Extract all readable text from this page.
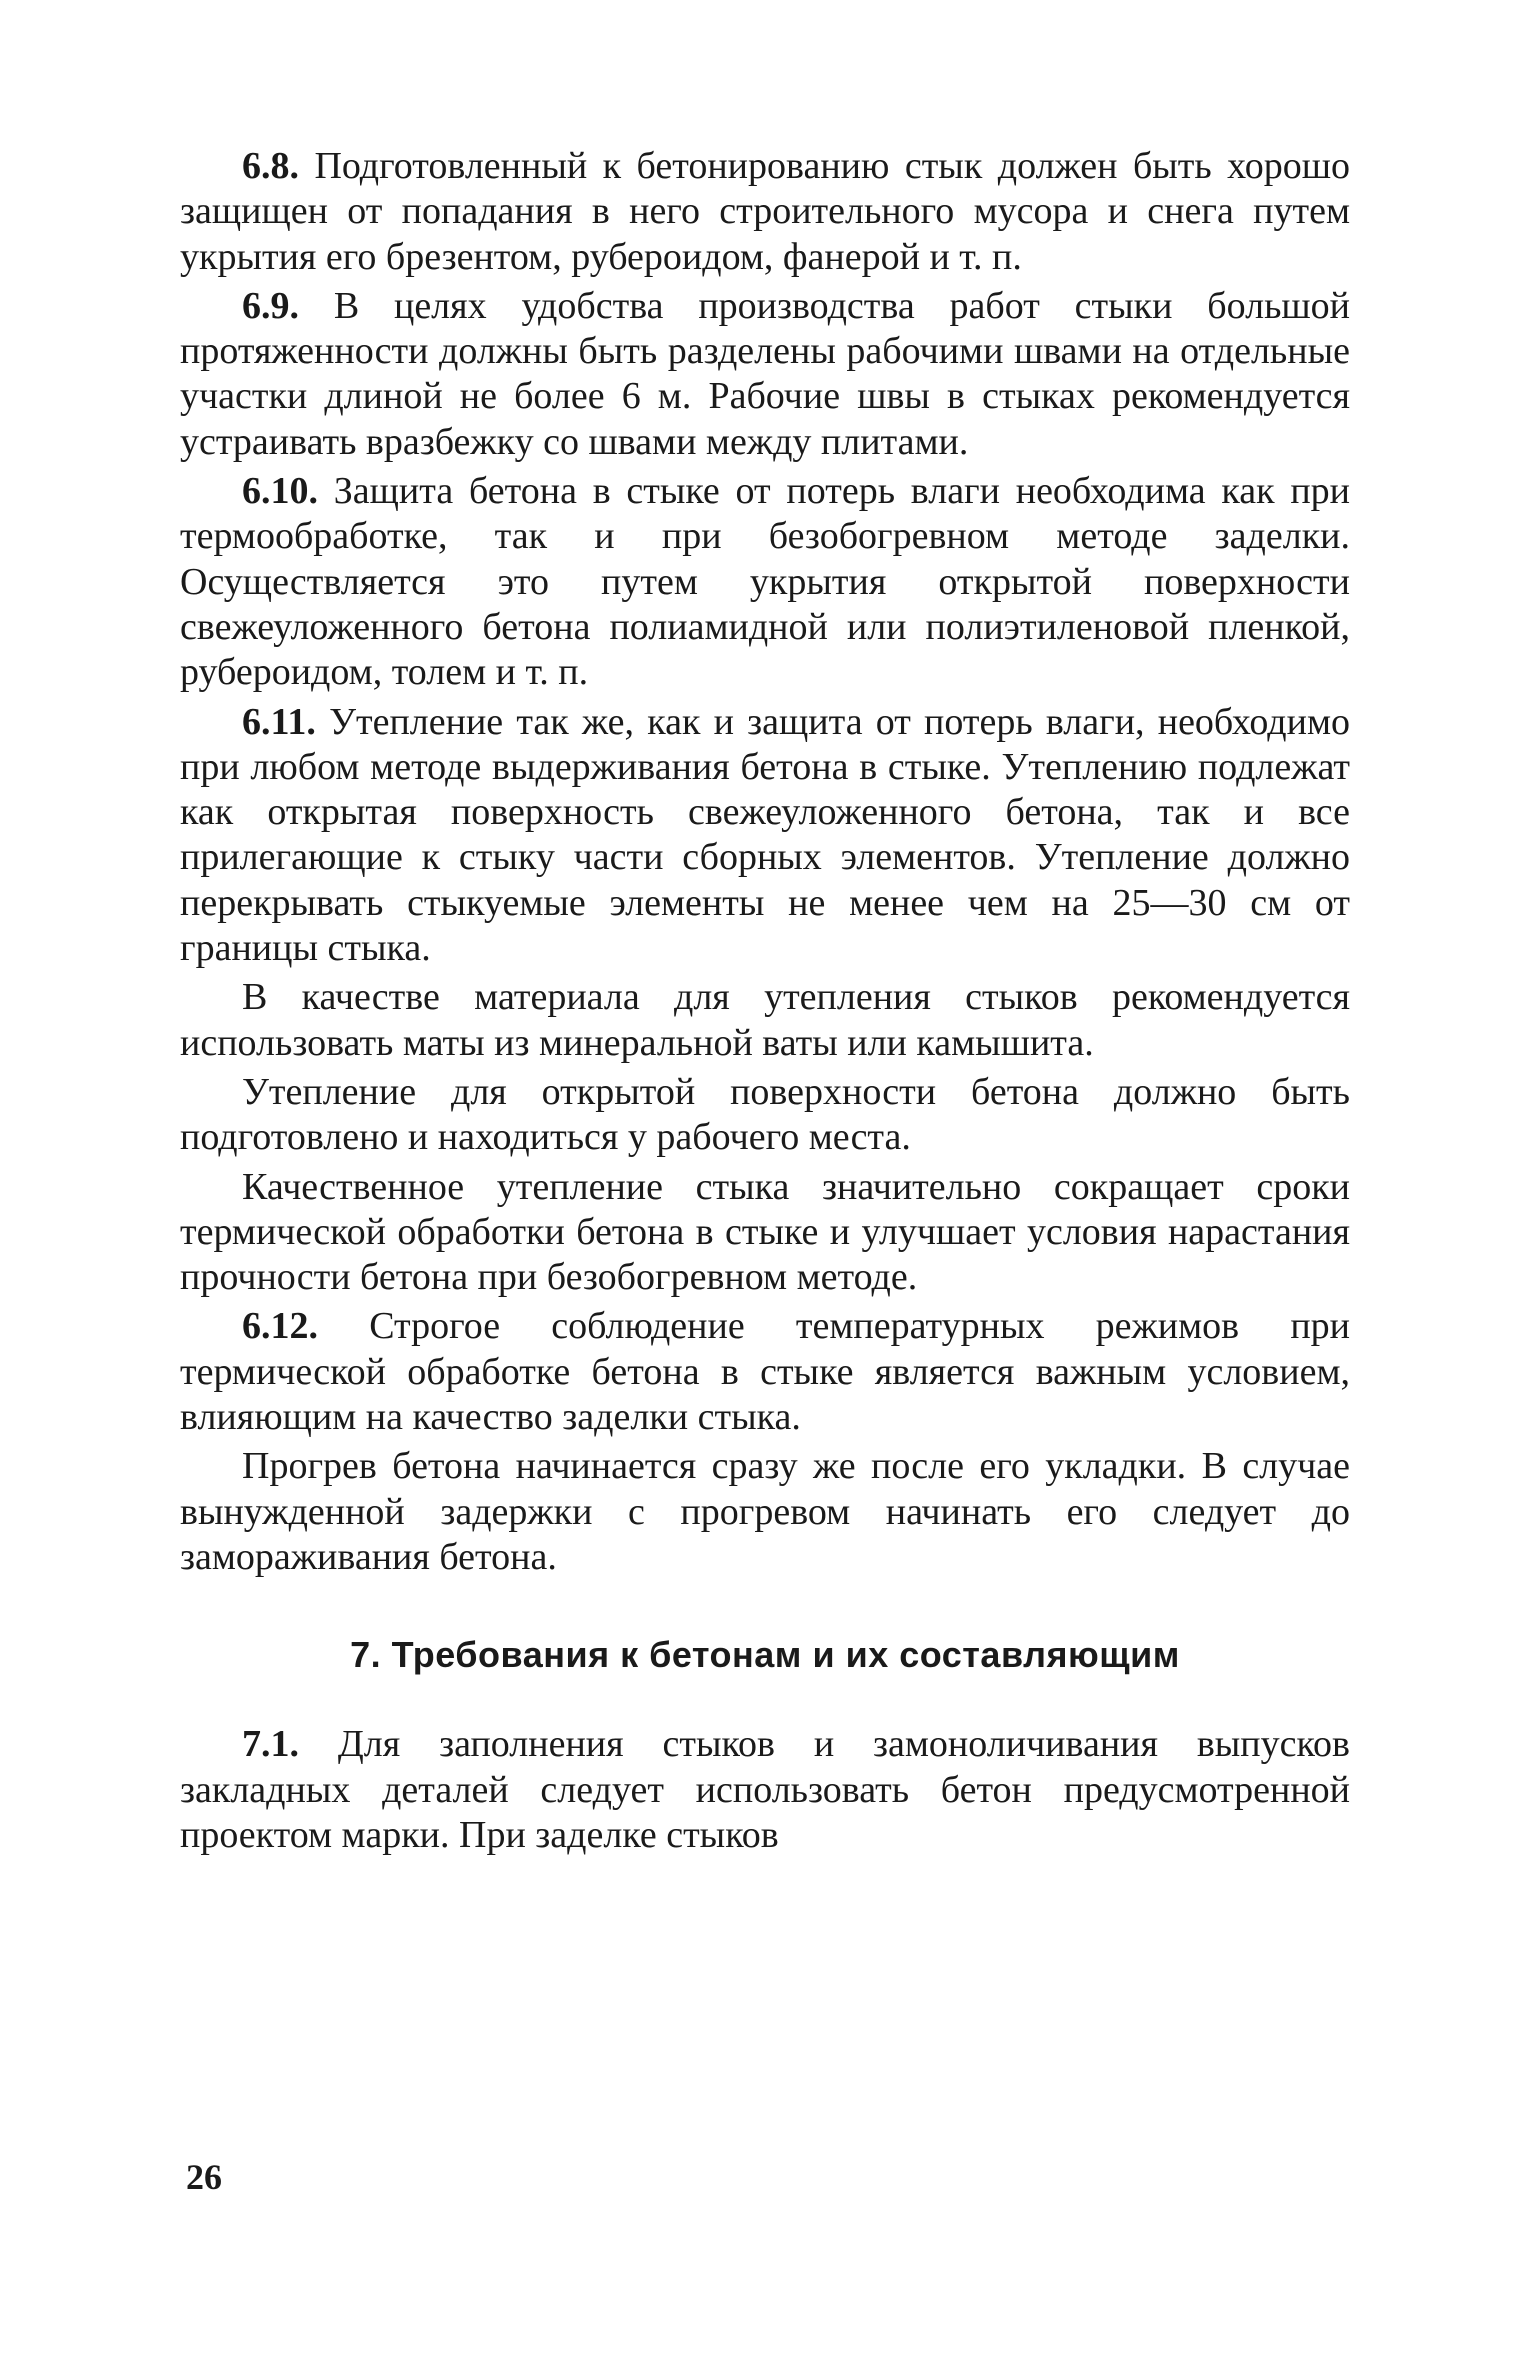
6.8. Подготовленный к бетонированию стык должен быть хорошо защищен от попадания в него строительного мусора и снега путем укрытия его брезентом, рубероидом, фанерой и т. п.

6.9. В целях удобства производства работ стыки большой протяженности должны быть разделены рабочими швами на отдельные участки длиной не более 6 м. Рабочие швы в стыках рекомендуется устраивать вразбежку со швами между плитами.

6.10. Защита бетона в стыке от потерь влаги необходима как при термообработке, так и при безобогревном методе заделки. Осуществляется это путем укрытия открытой поверхности свежеуложенного бетона полиамидной или полиэтиленовой пленкой, рубероидом, толем и т. п.

6.11. Утепление так же, как и защита от потерь влаги, необходимо при любом методе выдерживания бетона в стыке. Утеплению подлежат как открытая поверхность свежеуложенного бетона, так и все прилегающие к стыку части сборных элементов. Утепление должно перекрывать стыкуемые элементы не менее чем на 25—30 см от границы стыка.

В качестве материала для утепления стыков рекомендуется использовать маты из минеральной ваты или камышита.

Утепление для открытой поверхности бетона должно быть подготовлено и находиться у рабочего места.

Качественное утепление стыка значительно сокращает сроки термической обработки бетона в стыке и улучшает условия нарастания прочности бетона при безобогревном методе.

6.12. Строгое соблюдение температурных режимов при термической обработке бетона в стыке является важным условием, влияющим на качество заделки стыка.

Прогрев бетона начинается сразу же после его укладки. В случае вынужденной задержки с прогревом начинать его следует до замораживания бетона.

7. Требования к бетонам и их составляющим

7.1. Для заполнения стыков и замоноличивания выпусков закладных деталей следует использовать бетон предусмотренной проектом марки. При заделке стыков

26
